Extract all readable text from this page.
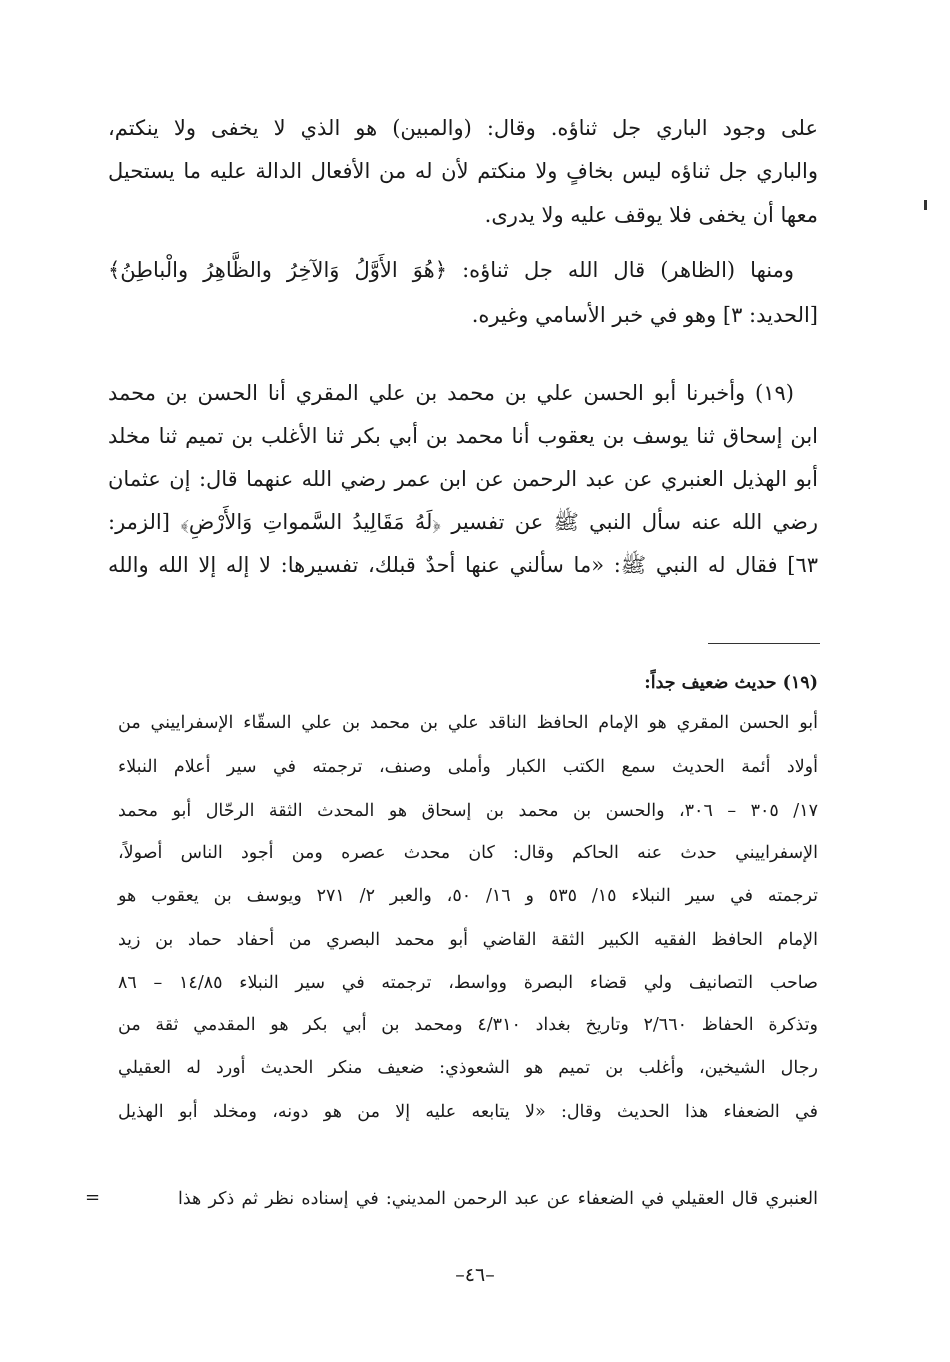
على وجود الباري جل ثناؤه. وقال: (والمبين) هو الذي لا يخفى ولا ينكتم،
والباري جل ثناؤه ليس بخافٍ ولا منكتم لأن له من الأفعال الدالة عليه ما يستحيل
معها أن يخفى فلا يوقف عليه ولا يدرى.
ومنها (الظاهر) قال الله جل ثناؤه: ﴿هُوَ الأَوَّلُ وَالآخِرُ والظَّاهِرُ والْباطِنُ﴾
[الحديد: ٣] وهو في خبر الأسامي وغيره.
(١٩) وأخبرنا أبو الحسن علي بن محمد بن علي المقري أنا الحسن بن محمد
ابن إسحاق ثنا يوسف بن يعقوب أنا محمد بن أبي بكر ثنا الأغلب بن تميم ثنا مخلد
أبو الهذيل العنبري عن عبد الرحمن عن ابن عمر رضي الله عنهما قال: إن عثمان
رضي الله عنه سأل النبي ﷺ عن تفسير ﴿لَهُ مَقَالِيدُ السَّمواتِ وَالأَرْضِ﴾ [الزمر:
٦٣] فقال له النبي ﷺ: «ما سألني عنها أحدٌ قبلك، تفسيرها: لا إله إلا الله والله
(١٩) حديث ضعيف جداً:
أبو الحسن المقري هو الإمام الحافظ الناقد علي بن محمد بن علي السقّاء الإسفراييني من
أولاد أئمة الحديث سمع الكتب الكبار وأملى وصنف، ترجمته في سير أعلام النبلاء
١٧/ ٣٠٥ – ٣٠٦، والحسن بن محمد بن إسحاق هو المحدث الثقة الرحّال أبو محمد
الإسفراييني حدث عنه الحاكم وقال: كان محدث عصره ومن أجود الناس أصولاً،
ترجمته في سير النبلاء ١٥/ ٥٣٥ و ١٦/ ٥٠، والعبر ٢/ ٢٧١ ويوسف بن يعقوب هو
الإمام الحافظ الفقيه الكبير الثقة القاضي أبو محمد البصري من أحفاد حماد بن زيد
صاحب التصانيف ولي قضاء البصرة وواسط، ترجمته في سير النبلاء ١٤/٨٥ – ٨٦
وتذكرة الحفاظ ٢/٦٦٠ وتاريخ بغداد ٤/٣١٠ ومحمد بن أبي بكر هو المقدمي ثقة من
رجال الشيخين، وأغلب بن تميم هو الشعوذي: ضعيف منكر الحديث أورد له العقيلي
في الضعفاء هذا الحديث وقال: «لا يتابعه عليه إلا من هو دونه، ومخلد أبو الهذيل
العنبري قال العقيلي في الضعفاء عن عبد الرحمن المديني: في إسناده نظر ثم ذكر هذا
=
–٤٦–
